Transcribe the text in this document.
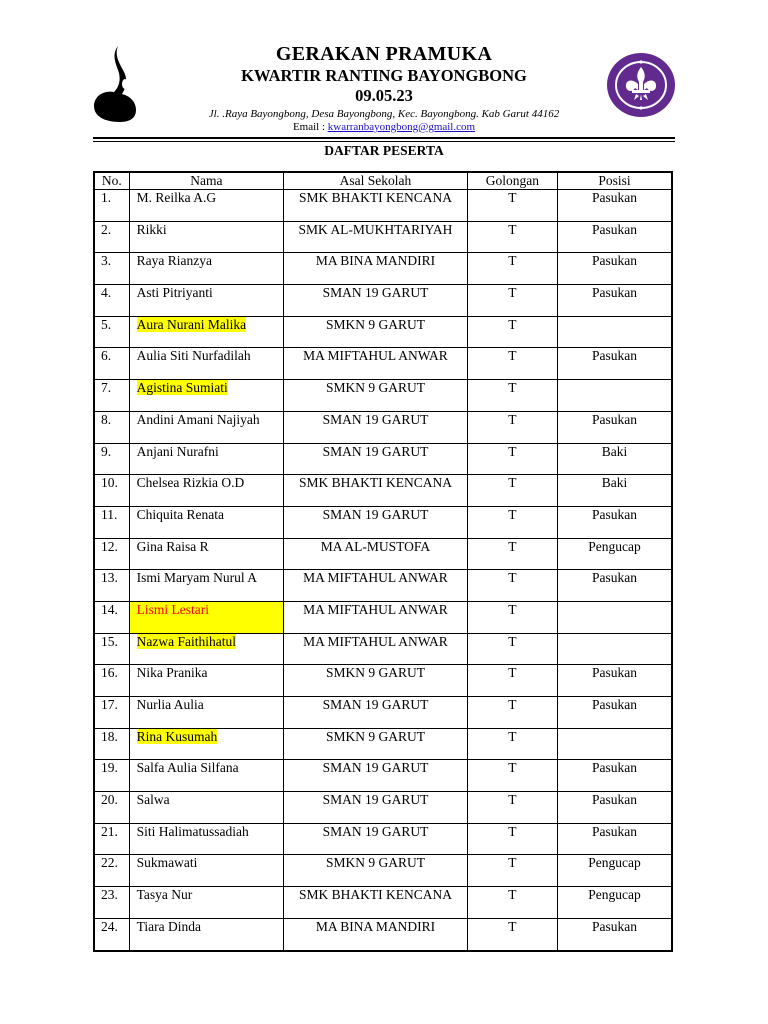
GERAKAN PRAMUKA
KWARTIR RANTING BAYONGBONG
09.05.23
Jl. .Raya Bayongbong, Desa Bayongbong, Kec. Bayongbong. Kab Garut 44162
Email : kwarranbayongbong@gmail.com
DAFTAR PESERTA
No.	Nama	Asal Sekolah	Golongan	Posisi
1.	M. Reilka A.G	SMK BHAKTI KENCANA	T	Pasukan
2.	Rikki	SMK AL-MUKHTARIYAH	T	Pasukan
3.	Raya Rianzya	MA BINA MANDIRI	T	Pasukan
4.	Asti Pitriyanti	SMAN 19 GARUT	T	Pasukan
5.	Aura Nurani Malika	SMKN 9 GARUT	T	
6.	Aulia Siti Nurfadilah	MA MIFTAHUL ANWAR	T	Pasukan
7.	Agistina Sumiati	SMKN 9 GARUT	T	
8.	Andini Amani Najiyah	SMAN 19 GARUT	T	Pasukan
9.	Anjani Nurafni	SMAN 19 GARUT	T	Baki
10.	Chelsea Rizkia O.D	SMK BHAKTI KENCANA	T	Baki
11.	Chiquita Renata	SMAN 19 GARUT	T	Pasukan
12.	Gina Raisa R	MA AL-MUSTOFA	T	Pengucap
13.	Ismi Maryam Nurul A	MA MIFTAHUL ANWAR	T	Pasukan
14.	Lismi Lestari	MA MIFTAHUL ANWAR	T	
15.	Nazwa Faithihatul	MA MIFTAHUL ANWAR	T	
16.	Nika Pranika	SMKN 9 GARUT	T	Pasukan
17.	Nurlia Aulia	SMAN 19 GARUT	T	Pasukan
18.	Rina Kusumah	SMKN 9 GARUT	T	
19.	Salfa Aulia Silfana	SMAN 19 GARUT	T	Pasukan
20.	Salwa	SMAN 19 GARUT	T	Pasukan
21.	Siti Halimatussadiah	SMAN 19 GARUT	T	Pasukan
22.	Sukmawati	SMKN 9 GARUT	T	Pengucap
23.	Tasya Nur	SMK BHAKTI KENCANA	T	Pengucap
24.	Tiara Dinda	MA BINA MANDIRI	T	Pasukan
